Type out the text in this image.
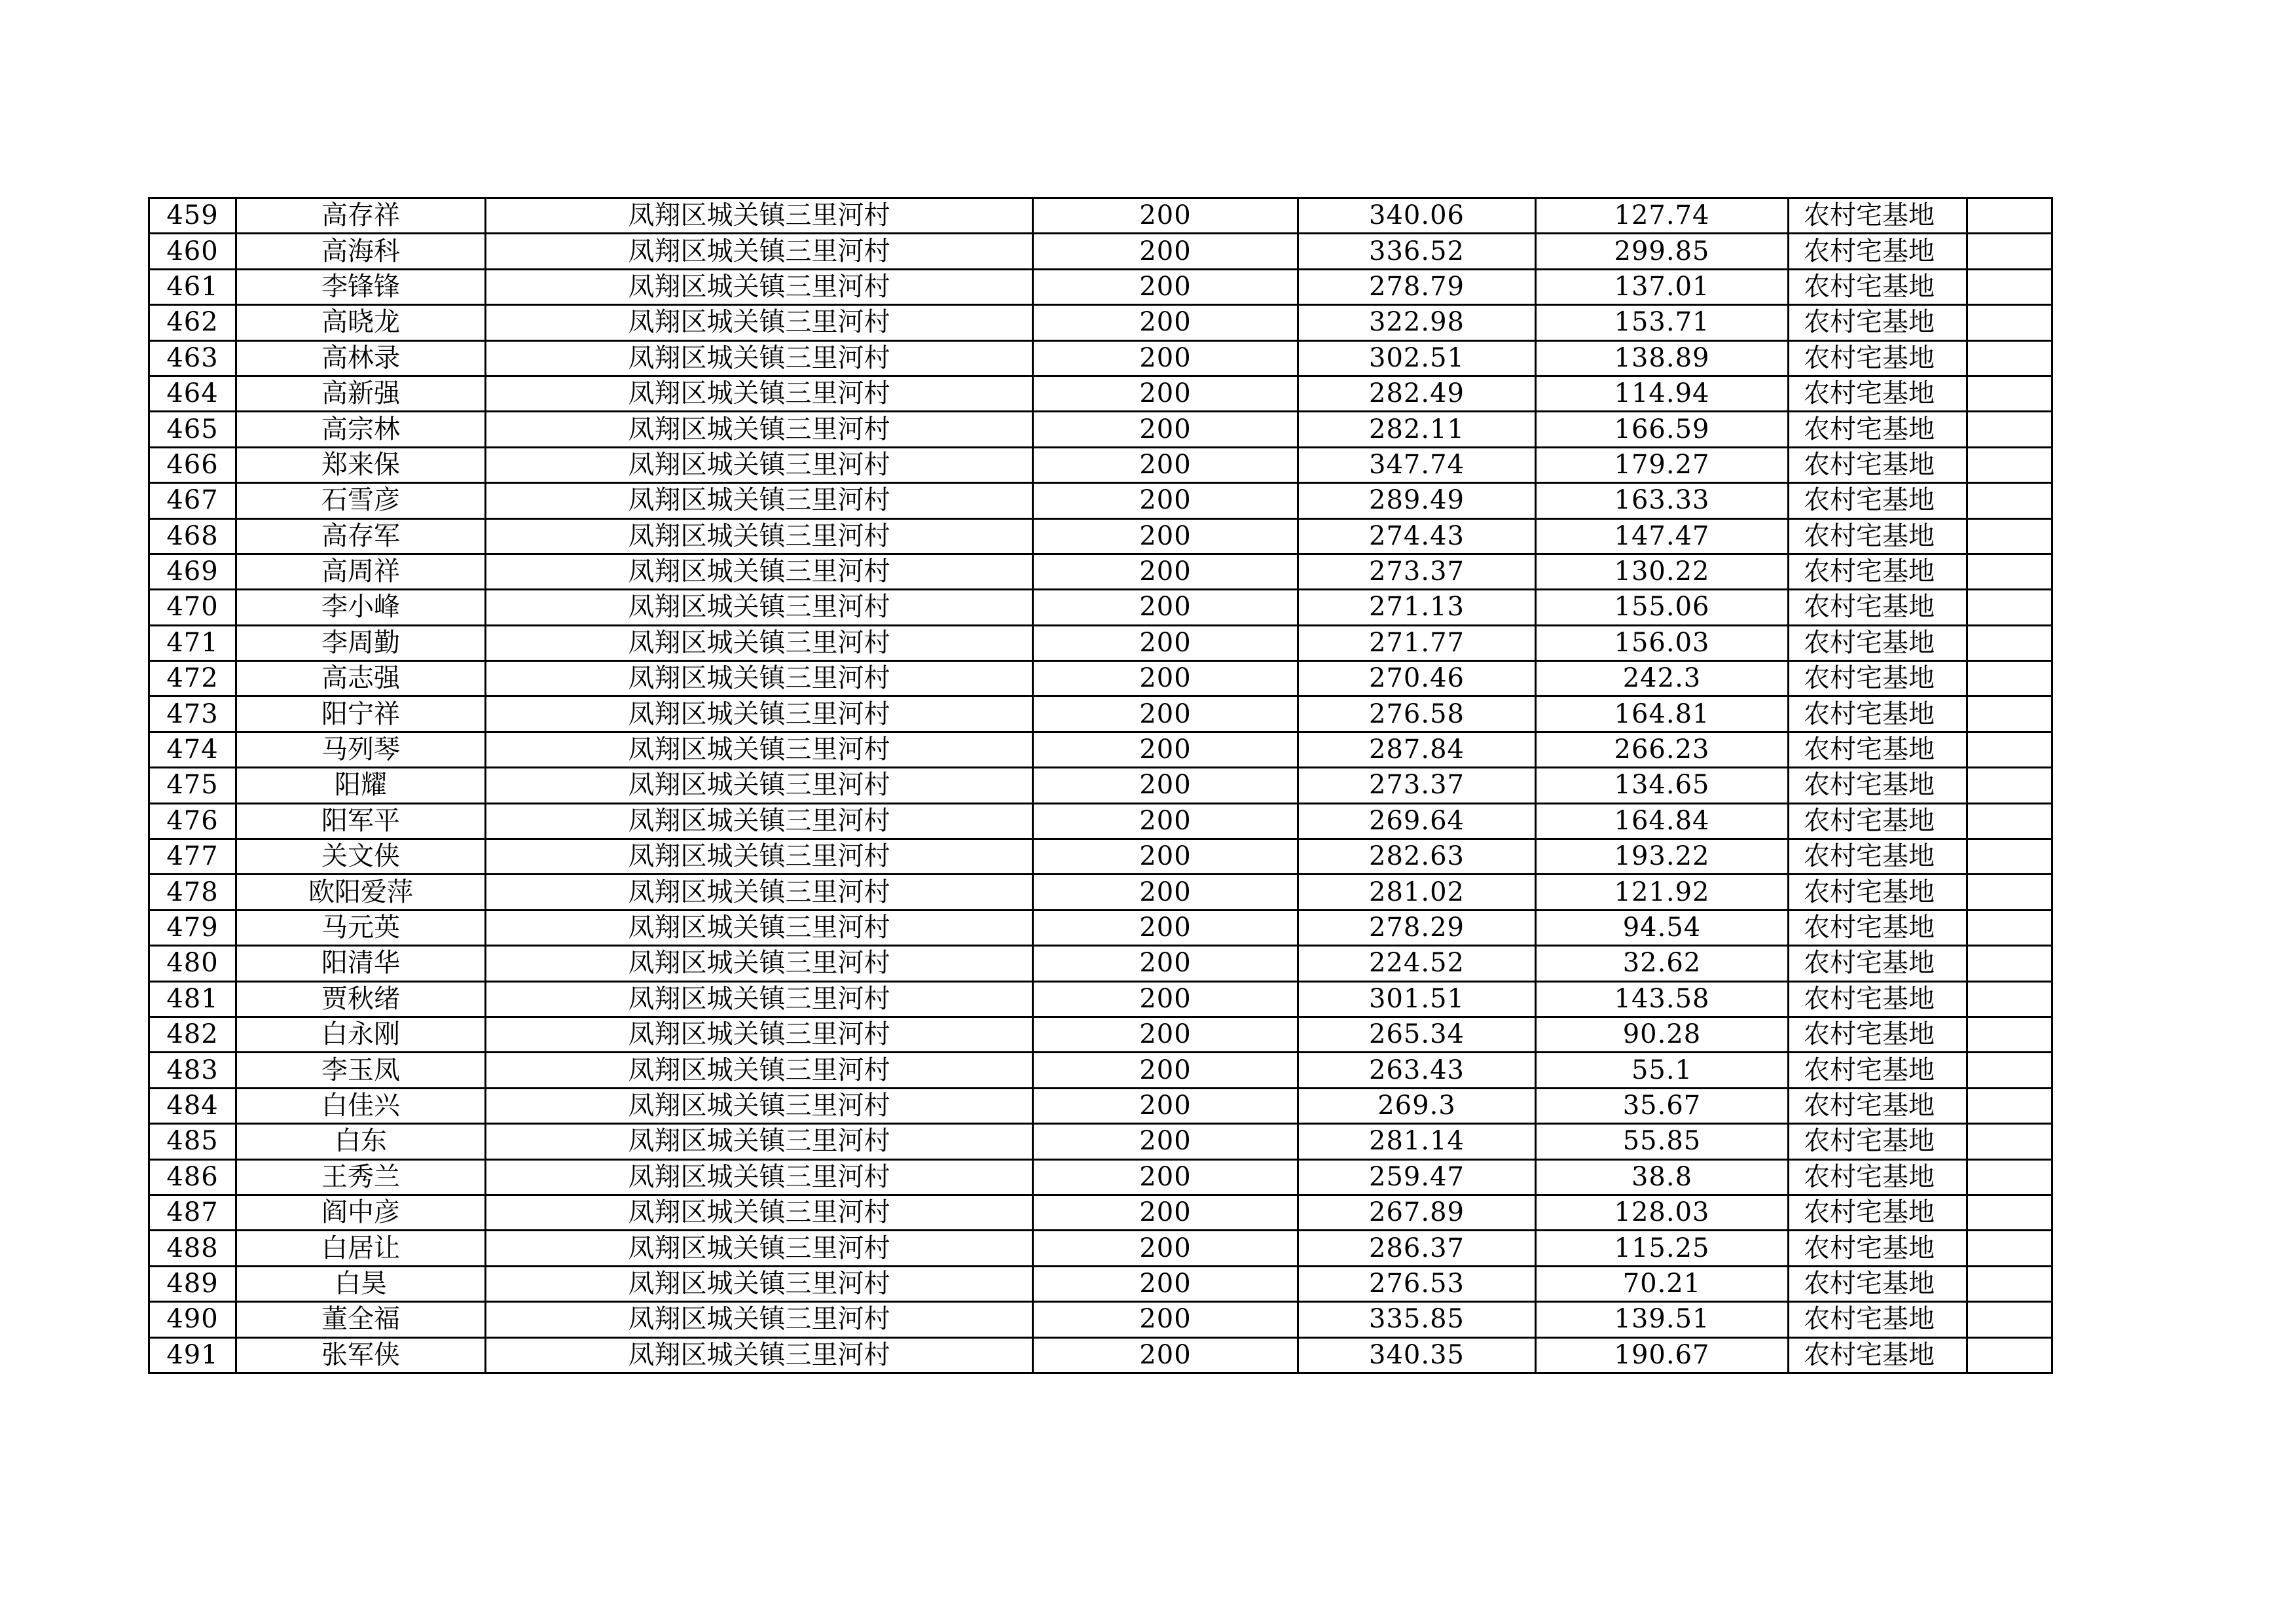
459	高存祥	凤翔区城关镇三里河村	200	340.06	127.74	农村宅基地	
460	高海科	凤翔区城关镇三里河村	200	336.52	299.85	农村宅基地	
461	李锋锋	凤翔区城关镇三里河村	200	278.79	137.01	农村宅基地	
462	高晓龙	凤翔区城关镇三里河村	200	322.98	153.71	农村宅基地	
463	高林录	凤翔区城关镇三里河村	200	302.51	138.89	农村宅基地	
464	高新强	凤翔区城关镇三里河村	200	282.49	114.94	农村宅基地	
465	高宗林	凤翔区城关镇三里河村	200	282.11	166.59	农村宅基地	
466	郑来保	凤翔区城关镇三里河村	200	347.74	179.27	农村宅基地	
467	石雪彦	凤翔区城关镇三里河村	200	289.49	163.33	农村宅基地	
468	高存军	凤翔区城关镇三里河村	200	274.43	147.47	农村宅基地	
469	高周祥	凤翔区城关镇三里河村	200	273.37	130.22	农村宅基地	
470	李小峰	凤翔区城关镇三里河村	200	271.13	155.06	农村宅基地	
471	李周勤	凤翔区城关镇三里河村	200	271.77	156.03	农村宅基地	
472	高志强	凤翔区城关镇三里河村	200	270.46	242.3	农村宅基地	
473	阳宁祥	凤翔区城关镇三里河村	200	276.58	164.81	农村宅基地	
474	马列琴	凤翔区城关镇三里河村	200	287.84	266.23	农村宅基地	
475	阳耀	凤翔区城关镇三里河村	200	273.37	134.65	农村宅基地	
476	阳军平	凤翔区城关镇三里河村	200	269.64	164.84	农村宅基地	
477	关文侠	凤翔区城关镇三里河村	200	282.63	193.22	农村宅基地	
478	欧阳爱萍	凤翔区城关镇三里河村	200	281.02	121.92	农村宅基地	
479	马元英	凤翔区城关镇三里河村	200	278.29	94.54	农村宅基地	
480	阳清华	凤翔区城关镇三里河村	200	224.52	32.62	农村宅基地	
481	贾秋绪	凤翔区城关镇三里河村	200	301.51	143.58	农村宅基地	
482	白永刚	凤翔区城关镇三里河村	200	265.34	90.28	农村宅基地	
483	李玉凤	凤翔区城关镇三里河村	200	263.43	55.1	农村宅基地	
484	白佳兴	凤翔区城关镇三里河村	200	269.3	35.67	农村宅基地	
485	白东	凤翔区城关镇三里河村	200	281.14	55.85	农村宅基地	
486	王秀兰	凤翔区城关镇三里河村	200	259.47	38.8	农村宅基地	
487	阎中彦	凤翔区城关镇三里河村	200	267.89	128.03	农村宅基地	
488	白居让	凤翔区城关镇三里河村	200	286.37	115.25	农村宅基地	
489	白昊	凤翔区城关镇三里河村	200	276.53	70.21	农村宅基地	
490	董全福	凤翔区城关镇三里河村	200	335.85	139.51	农村宅基地	
491	张军侠	凤翔区城关镇三里河村	200	340.35	190.67	农村宅基地	
